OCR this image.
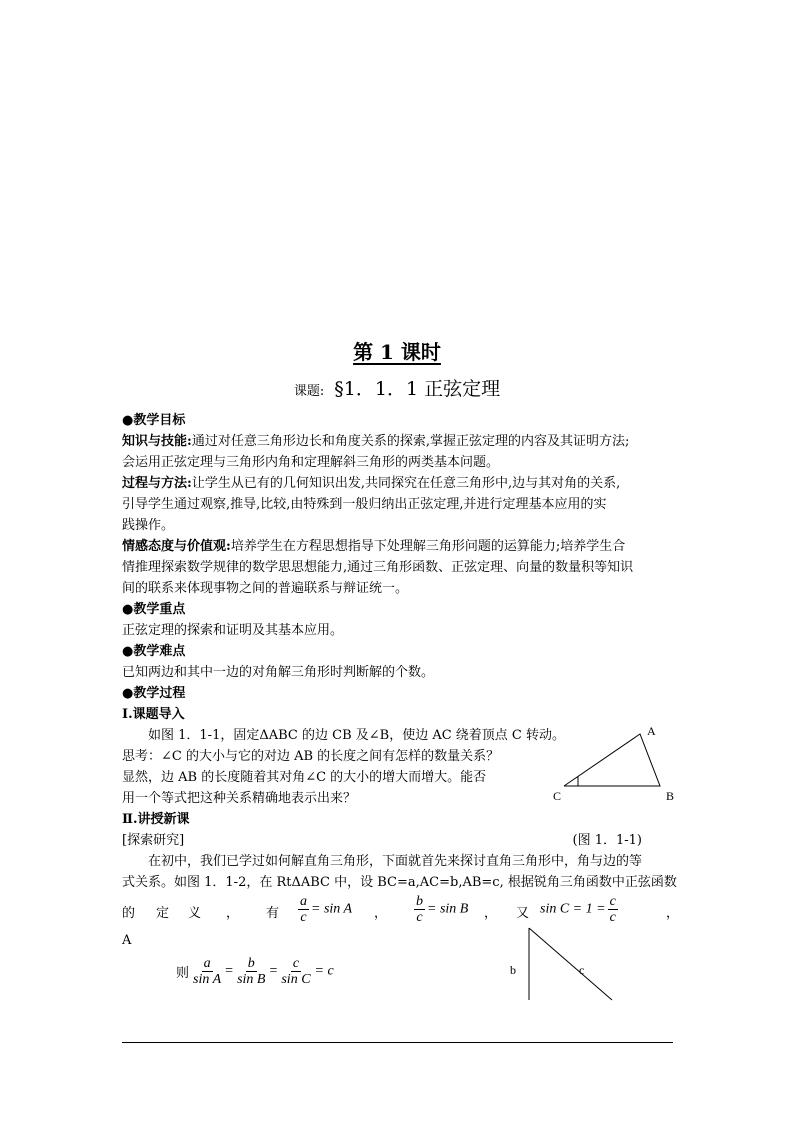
第 1 课时
课题: §1．1．1 正弦定理
●教学目标
知识与技能:通过对任意三角形边长和角度关系的探索,掌握正弦定理的内容及其证明方法;
会运用正弦定理与三角形内角和定理解斜三角形的两类基本问题。
过程与方法:让学生从已有的几何知识出发,共同探究在任意三角形中,边与其对角的关系,
引导学生通过观察,推导,比较,由特殊到一般归纳出正弦定理,并进行定理基本应用的实
践操作。
情感态度与价值观:培养学生在方程思想指导下处理解三角形问题的运算能力;培养学生合
情推理探索数学规律的数学思思想能力,通过三角形函数、正弦定理、向量的数量积等知识
间的联系来体现事物之间的普遍联系与辩证统一。
●教学重点
正弦定理的探索和证明及其基本应用。
●教学难点
已知两边和其中一边的对角解三角形时判断解的个数。
●教学过程
Ⅰ.课题导入
如图 1．1-1，固定ΔABC 的边 CB 及∠B，使边 AC 绕着顶点 C 转动。
思考：∠C 的大小与它的对边 AB 的长度之间有怎样的数量关系？
显然，边 AB 的长度随着其对角∠C 的大小的增大而增大。能否
用一个等式把这种关系精确地表示出来？
Ⅱ.讲授新课
[探索研究]	(图 1．1-1)
在初中，我们已学过如何解直角三角形，下面就首先来探讨直角三角形中，角与边的等
式关系。如图 1．1-2，在 RtΔABC 中，设 BC=a,AC=b,AB=c, 根据锐角三角函数中正弦函数
的 定 义 ， 有 $\frac{a}{c} = \sin A$ ， $\frac{b}{c} = \sin B$ ， 又 $\sin C = 1 = \frac{c}{c}$	，
A
则 $\frac{a}{\text{sin A}} = \frac{b}{\text{sin B}} = \frac{c}{\text{sin C}} = c$
A
C	B
b	c
